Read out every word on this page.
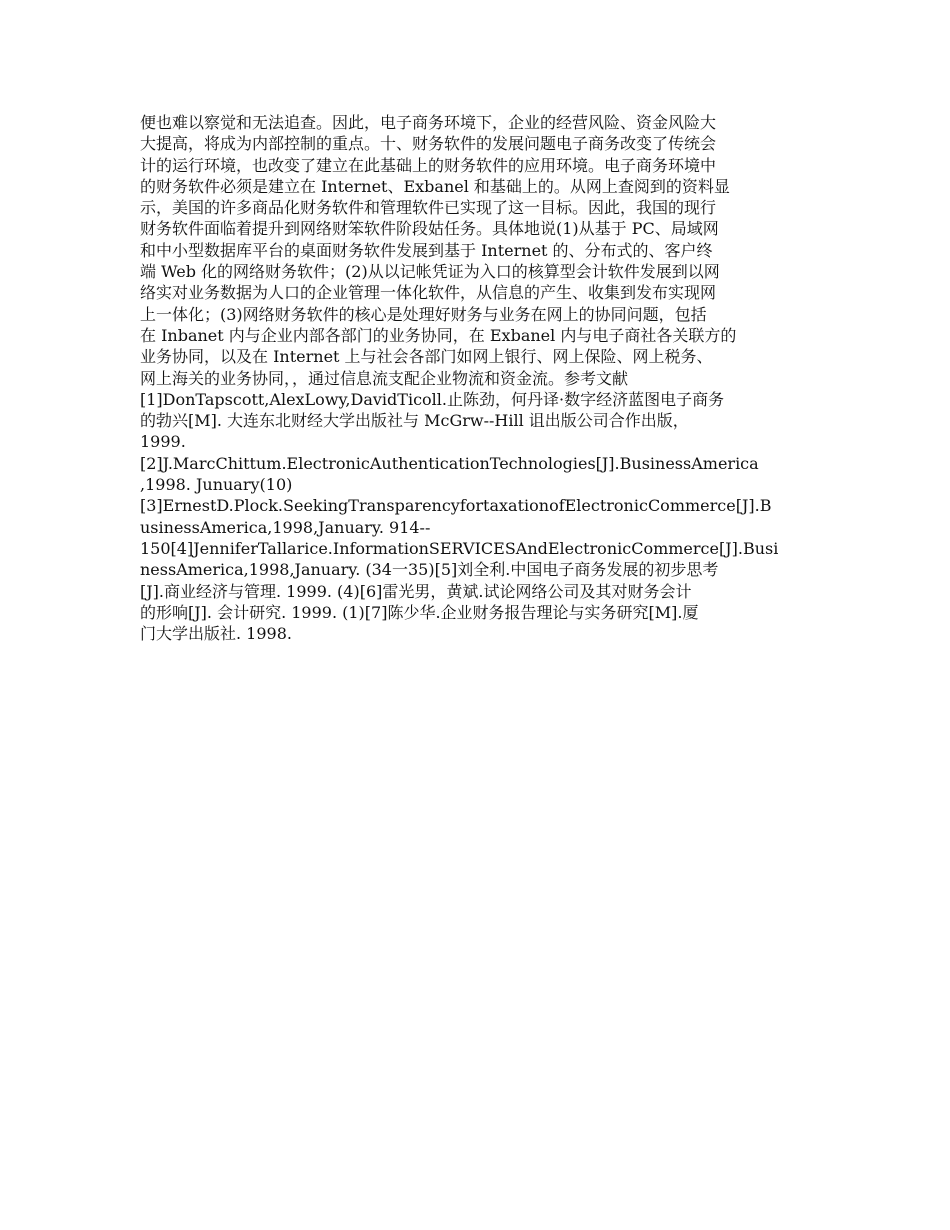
便也难以察觉和无法追查。因此，电子商务环境下，企业的经营风险、资金风险大
大提高，将成为内部控制的重点。十、财务软件的发展问题电子商务改变了传统会
计的运行环境，也改变了建立在此基础上的财务软件的应用环境。电子商务环境中
的财务软件必须是建立在 Internet、Exbanel 和基础上的。从网上查阅到的资料显
示，美国的许多商品化财务软件和管理软件已实现了这一目标。因此，我国的现行
财务软件面临着提升到网络财笨软件阶段姑任务。具体地说(1)从基于 PC、局域网
和中小型数据库平台的桌面财务软件发展到基于 Internet 的、分布式的、客户终
端 Web 化的网络财务软件；(2)从以记帐凭证为入口的核算型会计软件发展到以网
络实对业务数据为人口的企业管理一体化软件，从信息的产生、收集到发布实现网
上一体化；(3)网络财务软件的核心是处理好财务与业务在网上的协同问题，包括
在 Inbanet 内与企业内部各部门的业务协同，在 Exbanel 内与电子商社各关联方的
业务协同，以及在 Internet 上与社会各部门如网上银行、网上保险、网上税务、
网上海关的业务协同，，通过信息流支配企业物流和资金流。参考文献
[1]DonTapscott,AlexLowy,DavidTicoll.止陈劲，何丹译·数字经济蓝图电子商务
的勃兴[M]. 大连东北财经大学出版社与 McGrw--Hill 诅出版公司合作出版，
1999.
[2]J.MarcChittum.ElectronicAuthenticationTechnologies[J].BusinessAmerica
,1998. Junuary(10)
[3]ErnestD.Plock.SeekingTransparencyfortaxationofElectronicCommerce[J].B
usinessAmerica,1998,January. 914--
150[4]JenniferTallarice.InformationSERVICESAndElectronicCommerce[J].Busi
nessAmerica,1998,January. (34一35)[5]刘全利.中国电子商务发展的初步思考
[J].商业经济与管理. 1999. (4)[6]雷光男，黄斌.试论网络公司及其对财务会计
的形响[J]. 会计研究. 1999. (1)[7]陈少华.企业财务报告理论与实务研究[M].厦
门大学出版社. 1998.
